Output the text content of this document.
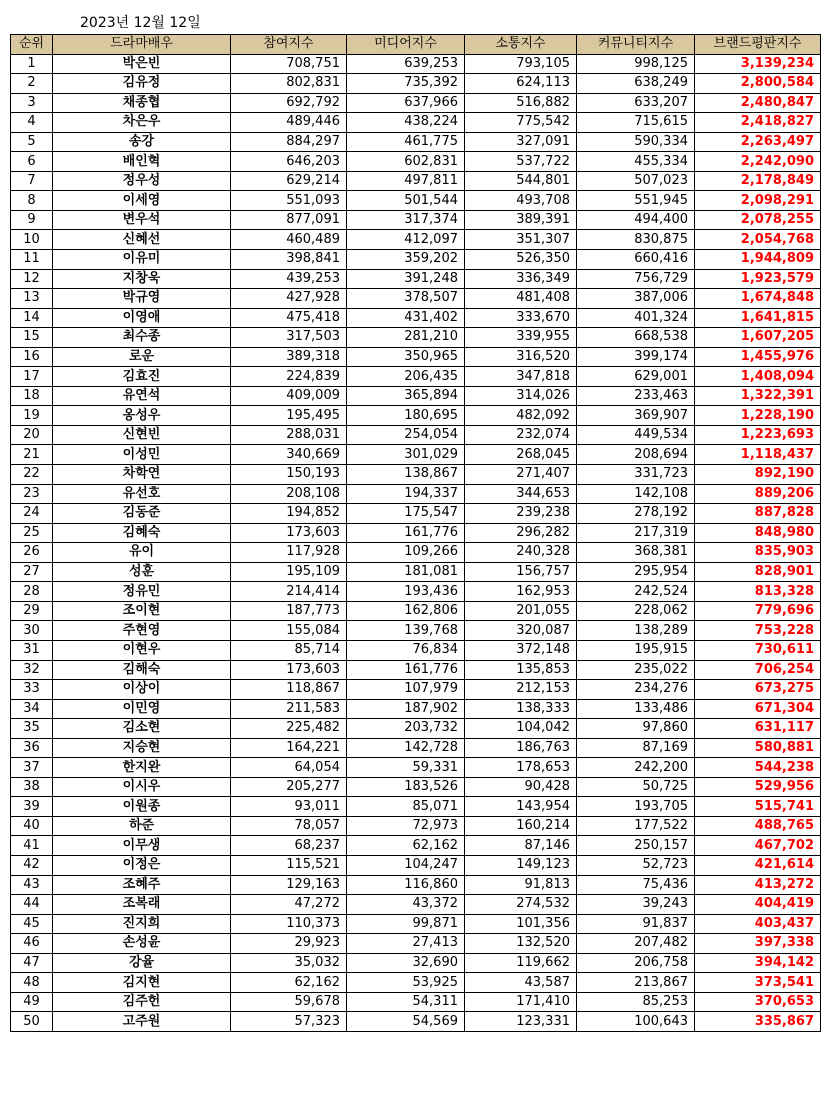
2023년 12월 12일
순위	드라마배우	참여지수	미디어지수	소통지수	커뮤니티지수	브랜드평판지수
1	박은빈	708,751	639,253	793,105	998,125	3,139,234
2	김유정	802,831	735,392	624,113	638,249	2,800,584
3	채종협	692,792	637,966	516,882	633,207	2,480,847
4	차은우	489,446	438,224	775,542	715,615	2,418,827
5	송강	884,297	461,775	327,091	590,334	2,263,497
6	배인혁	646,203	602,831	537,722	455,334	2,242,090
7	정우성	629,214	497,811	544,801	507,023	2,178,849
8	이세영	551,093	501,544	493,708	551,945	2,098,291
9	변우석	877,091	317,374	389,391	494,400	2,078,255
10	신혜선	460,489	412,097	351,307	830,875	2,054,768
11	이유미	398,841	359,202	526,350	660,416	1,944,809
12	지창욱	439,253	391,248	336,349	756,729	1,923,579
13	박규영	427,928	378,507	481,408	387,006	1,674,848
14	이영애	475,418	431,402	333,670	401,324	1,641,815
15	최수종	317,503	281,210	339,955	668,538	1,607,205
16	로운	389,318	350,965	316,520	399,174	1,455,976
17	김효진	224,839	206,435	347,818	629,001	1,408,094
18	유연석	409,009	365,894	314,026	233,463	1,322,391
19	옹성우	195,495	180,695	482,092	369,907	1,228,190
20	신현빈	288,031	254,054	232,074	449,534	1,223,693
21	이성민	340,669	301,029	268,045	208,694	1,118,437
22	차학연	150,193	138,867	271,407	331,723	892,190
23	유선호	208,108	194,337	344,653	142,108	889,206
24	김동준	194,852	175,547	239,238	278,192	887,828
25	김혜숙	173,603	161,776	296,282	217,319	848,980
26	유이	117,928	109,266	240,328	368,381	835,903
27	성훈	195,109	181,081	156,757	295,954	828,901
28	정유민	214,414	193,436	162,953	242,524	813,328
29	조이현	187,773	162,806	201,055	228,062	779,696
30	주현영	155,084	139,768	320,087	138,289	753,228
31	이현우	85,714	76,834	372,148	195,915	730,611
32	김해숙	173,603	161,776	135,853	235,022	706,254
33	이상이	118,867	107,979	212,153	234,276	673,275
34	이민영	211,583	187,902	138,333	133,486	671,304
35	김소현	225,482	203,732	104,042	97,860	631,117
36	지승현	164,221	142,728	186,763	87,169	580,881
37	한지완	64,054	59,331	178,653	242,200	544,238
38	이시우	205,277	183,526	90,428	50,725	529,956
39	이원종	93,011	85,071	143,954	193,705	515,741
40	하준	78,057	72,973	160,214	177,522	488,765
41	이무생	68,237	62,162	87,146	250,157	467,702
42	이정은	115,521	104,247	149,123	52,723	421,614
43	조혜주	129,163	116,860	91,813	75,436	413,272
44	조복래	47,272	43,372	274,532	39,243	404,419
45	진지희	110,373	99,871	101,356	91,837	403,437
46	손성윤	29,923	27,413	132,520	207,482	397,338
47	강율	35,032	32,690	119,662	206,758	394,142
48	김지현	62,162	53,925	43,587	213,867	373,541
49	김주헌	59,678	54,311	171,410	85,253	370,653
50	고주원	57,323	54,569	123,331	100,643	335,867
